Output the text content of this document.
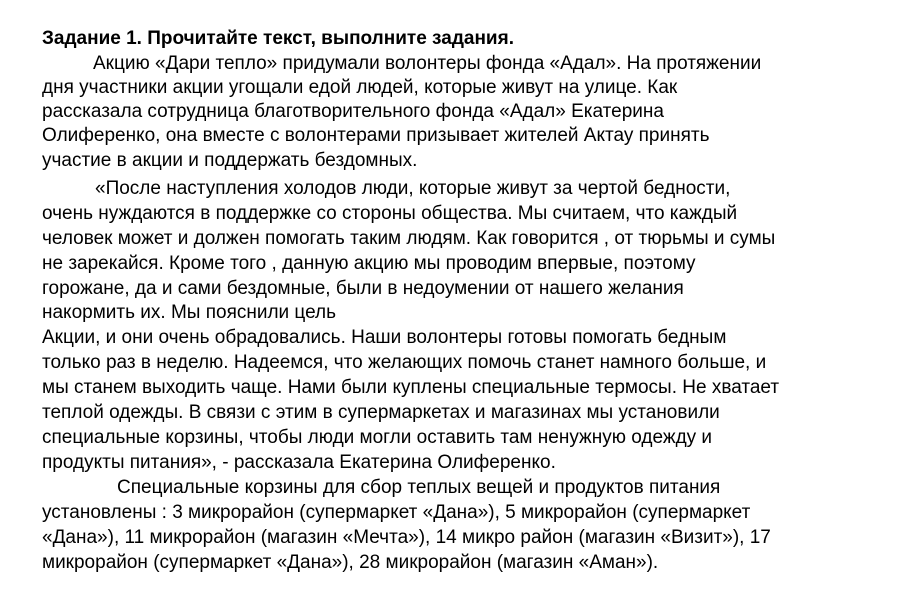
Задание 1. Прочитайте текст, выполните задания.

Акцию «Дари тепло» придумали волонтеры фонда «Адал». На протяжении

дня участники акции угощали едой людей, которые живут на улице. Как

рассказала сотрудница благотворительного фонда «Адал» Екатерина

Олиференко, она вместе с волонтерами призывает жителей Актау принять

участие в акции и поддержать бездомных.

«После наступления холодов люди, которые живут за чертой бедности,

очень нуждаются в поддержке со стороны общества. Мы считаем, что каждый

человек может и должен помогать таким людям. Как говорится , от тюрьмы и сумы

не зарекайся. Кроме того , данную акцию мы проводим впервые, поэтому

горожане, да и сами бездомные, были в недоумении от нашего желания

накормить их. Мы пояснили цель

Акции, и они очень обрадовались. Наши волонтеры готовы помогать бедным

только раз в неделю. Надеемся, что желающих помочь станет намного больше, и

мы станем выходить чаще. Нами были куплены специальные термосы. Не хватает

теплой одежды. В связи с этим в супермаркетах и магазинах мы установили

специальные корзины, чтобы люди могли оставить там ненужную одежду и

продукты питания», - рассказала Екатерина Олиференко.

Специальные корзины для сбор теплых вещей и продуктов питания

установлены : 3 микрорайон (супермаркет «Дана»), 5 микрорайон (супермаркет

«Дана»), 11 микрорайон (магазин «Мечта»), 14 микро район (магазин «Визит»), 17

микрорайон (супермаркет «Дана»), 28 микрорайон (магазин «Аман»).
